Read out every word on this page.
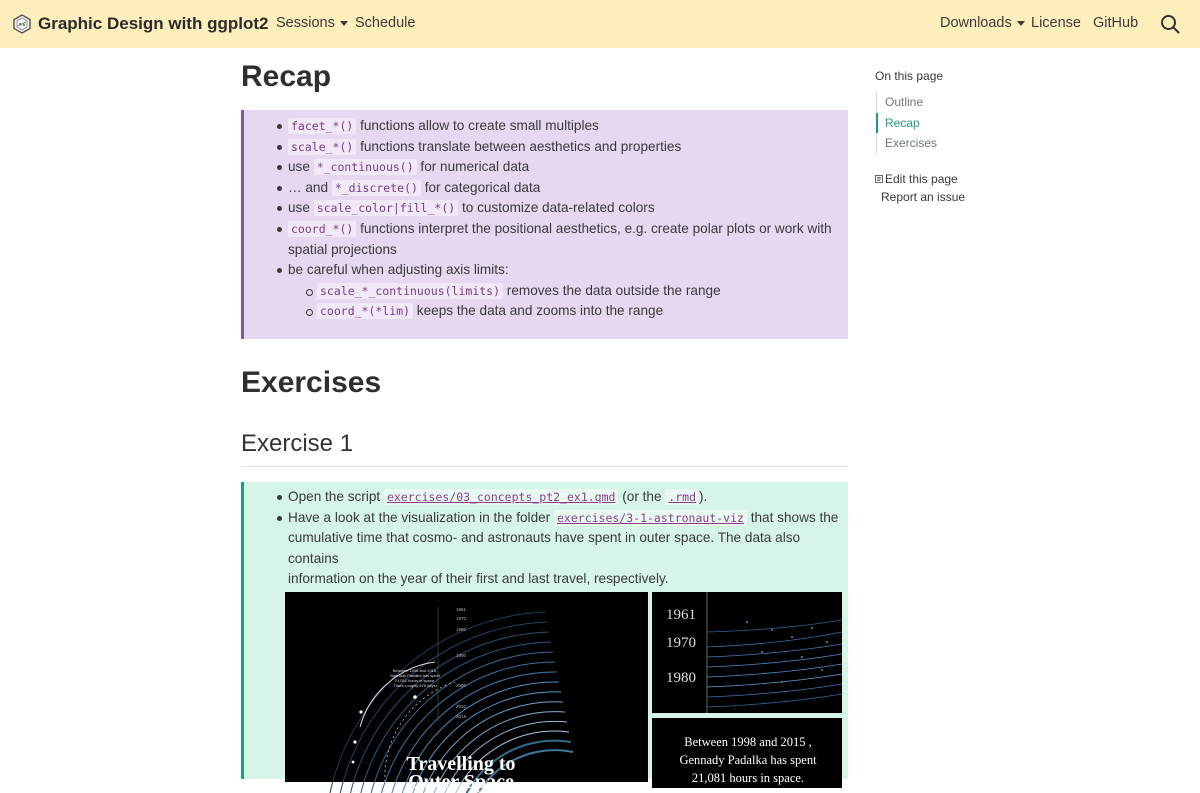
Graphic Design with ggplot2 Sessions Schedule	Downloads License GitHub
Recap
facet_*() functions allow to create small multiples
scale_*() functions translate between aesthetics and properties
use *_continuous() for numerical data
… and *_discrete() for categorical data
use scale_color|fill_*() to customize data-related colors
coord_*() functions interpret the positional aesthetics, e.g. create polar plots or work with
spatial projections
be careful when adjusting axis limits:
scale_*_continuous(limits) removes the data outside the range
coord_*(*lim) keeps the data and zooms into the range
Exercises
Exercise 1
Open the script exercises/03_concepts_pt2_ex1.qmd (or the .rmd ).
Have a look at the visualization in the folder exercises/3-1-astronaut-viz that shows the
cumulative time that cosmo- and astronauts have spent in outer space. The data also contains
information on the year of their first and last travel, respectively.
1961
1970
1980
1990
2000
2010
2019
Between 1998 and 2015,
Gennady Padalka has spent
21,081 hours in space.
That's roughly 878 days!
Travelling to
Outer Space
1961
1970
1980
Between 1998 and 2015 ,
Gennady Padalka has spent
21,081 hours in space.
On this page
Outline
Recap
Exercises
Edit this page
Report an issue
